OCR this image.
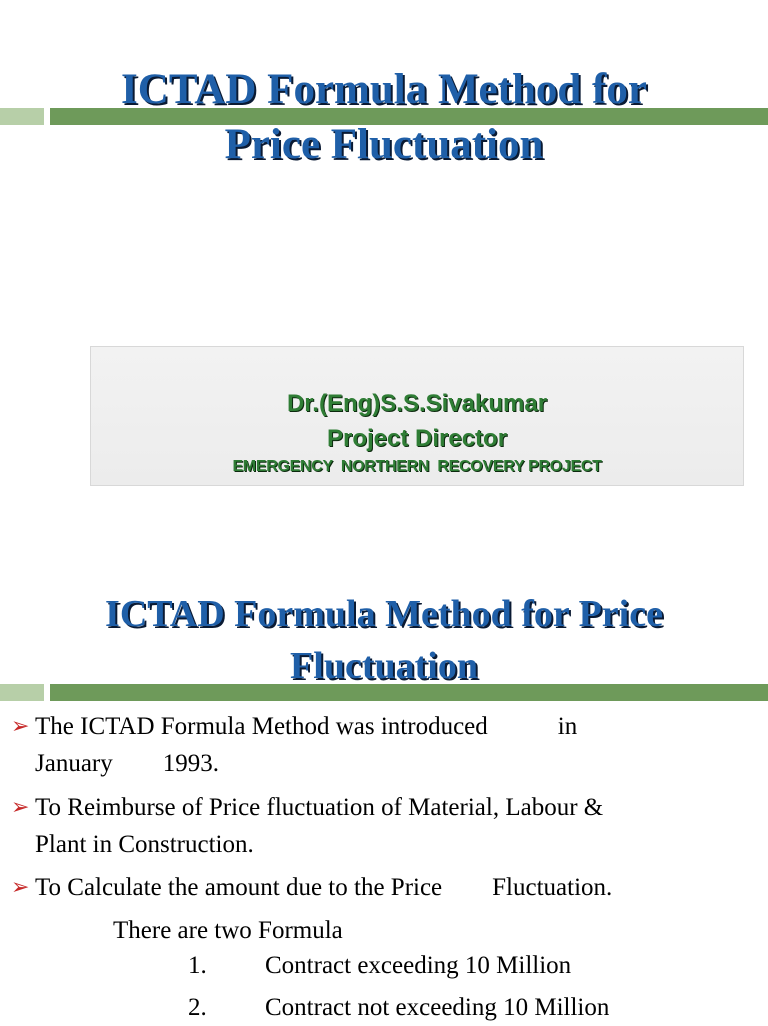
ICTAD Formula Method for
Price Fluctuation
Dr.(Eng)S.S.Sivakumar
Project Director
EMERGENCY  NORTHERN  RECOVERY PROJECT
ICTAD Formula Method for Price
Fluctuation
➢ The ICTAD Formula Method was introduced	in
January 1993.
➢ To Reimburse of Price fluctuation of Material, Labour &
Plant in Construction.
➢ To Calculate the amount due to the Price Fluctuation.
There are two Formula
1. Contract exceeding 10 Million
2. Contract not exceeding 10 Million
